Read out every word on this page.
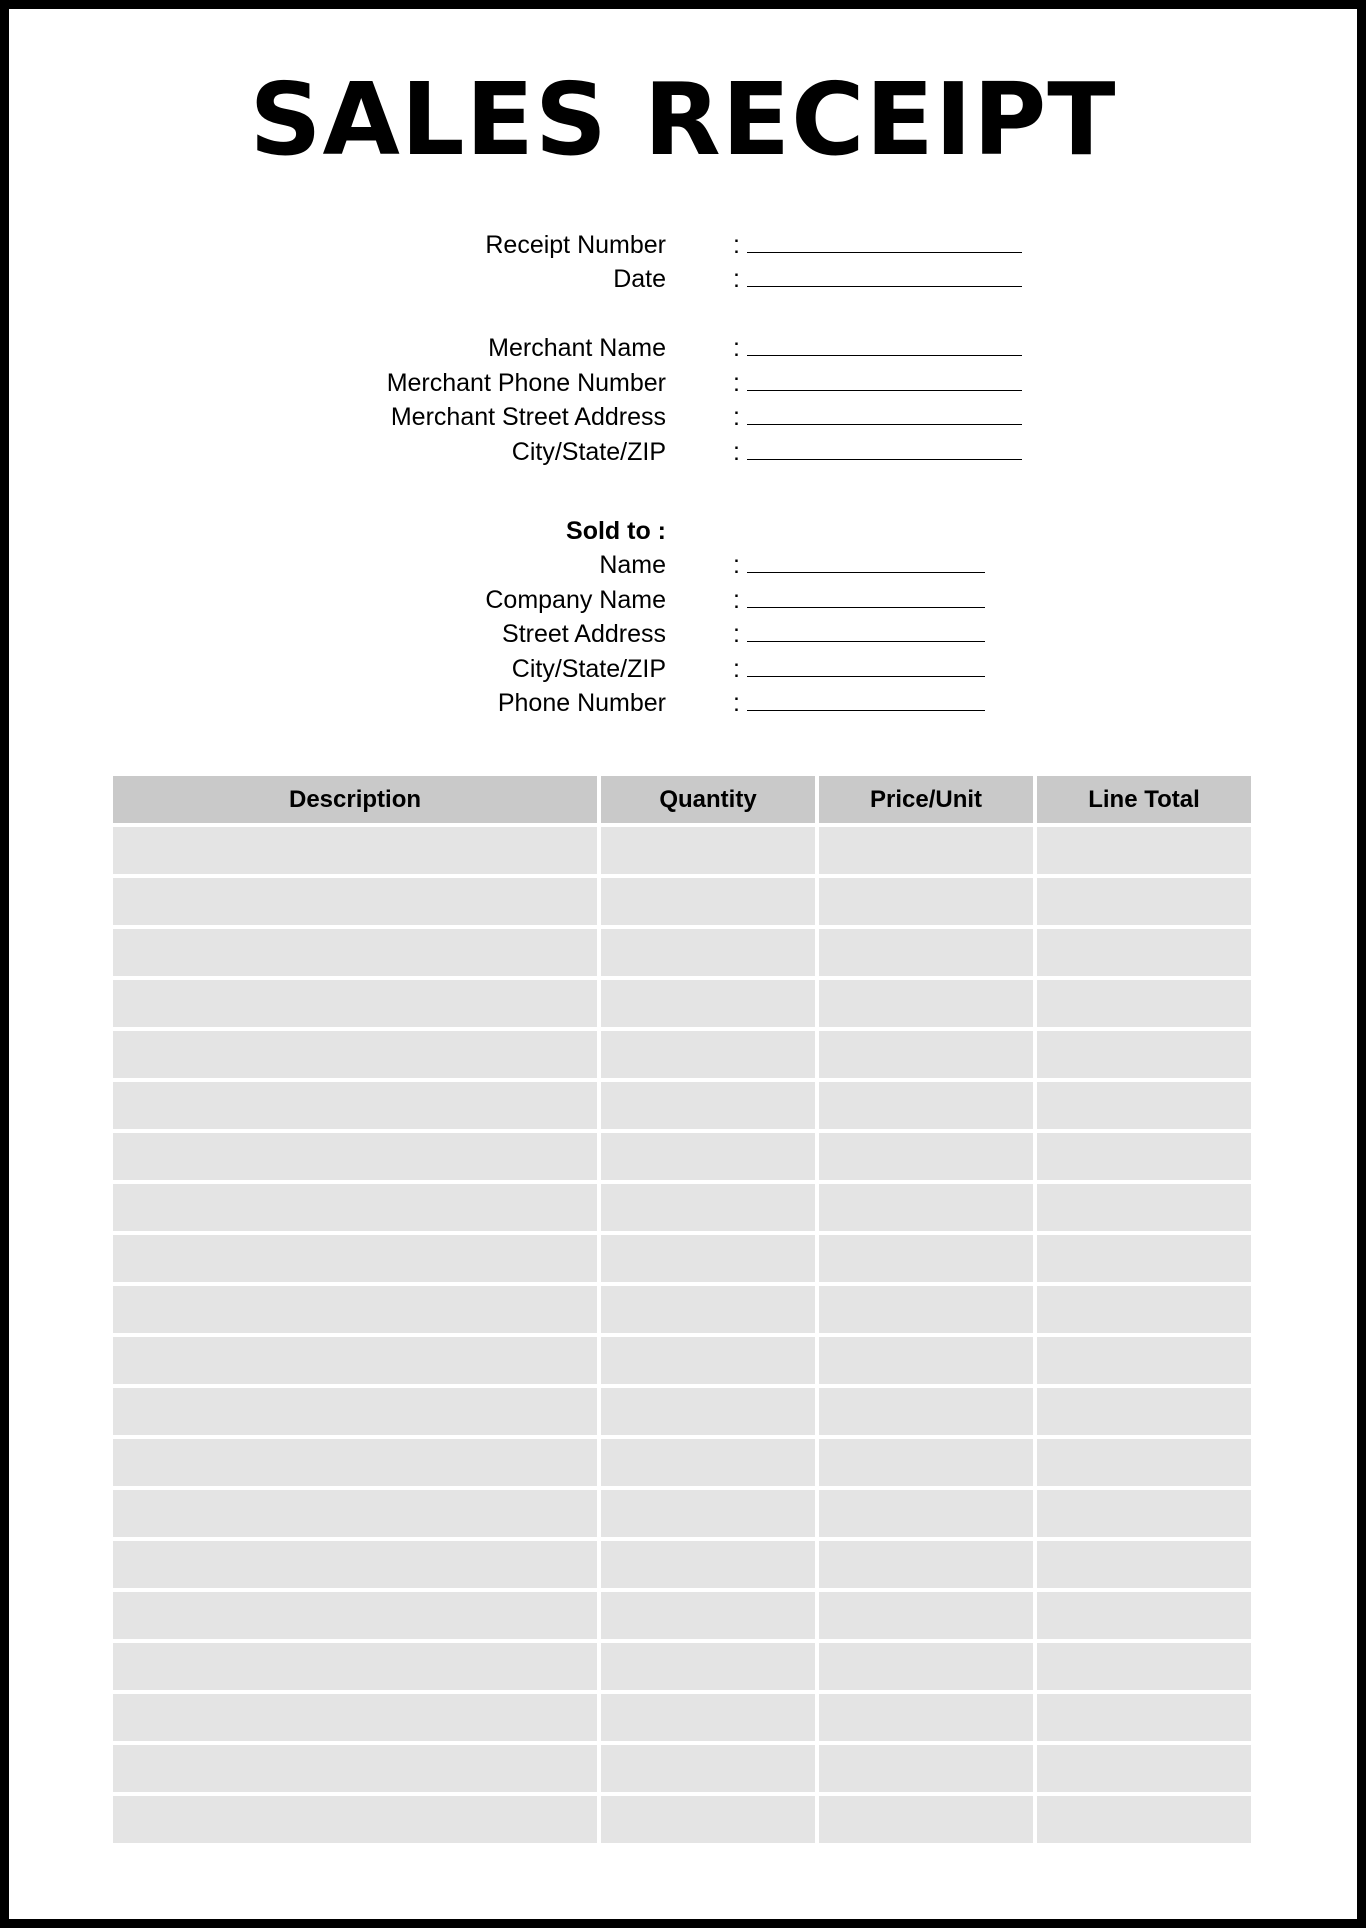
SALES RECEIPT
Receipt Number	:
Date	:
Merchant Name	:
Merchant Phone Number	:
Merchant Street Address	:
City/State/ZIP	:
Sold to :
Name	:
Company Name	:
Street Address	:
City/State/ZIP	:
Phone Number	:
Description	Quantity	Price/Unit	Line Total
